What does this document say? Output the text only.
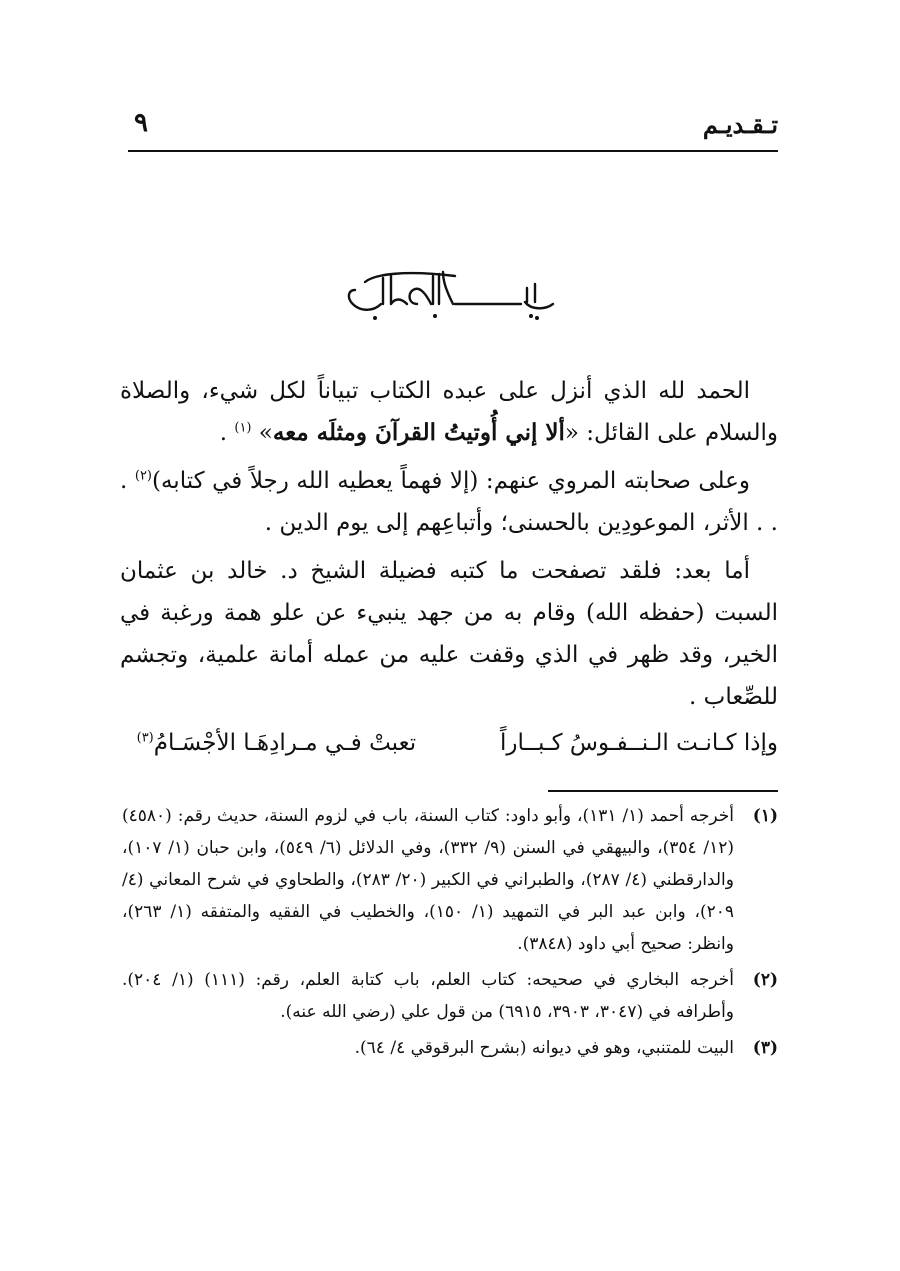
تـقـديـم
٩

الحمد لله الذي أنزل على عبده الكتاب تبياناً لكل شيء، والصلاة والسلام على القائل: «ألا إني أُوتيتُ القرآنَ ومثلَه معه» $^{(١)}$ .

وعلى صحابته المروي عنهم: (إلا فهماً يعطيه الله رجلاً في كتابه)$^{(٢)}$ . . . الأثر، الموعودِين بالحسنى؛ وأتباعِهم إلى يوم الدين .

أما بعد: فلقد تصفحت ما كتبه فضيلة الشيخ د. خالد بن عثمان السبت (حفظه الله) وقام به من جهد ينبيء عن علو همة ورغبة في الخير، وقد ظهر في الذي وقفت عليه من عمله أمانة علمية، وتجشم للصِّعاب .

وإذا كـانـت الـنــفـوسُ كـبــاراً
تعبتْ فـي مـرادِهَـا الأجْسَـامُ$^{(٣)}$
(١)
أخرجه أحمد (١/ ١٣١)، وأبو داود: كتاب السنة، باب في لزوم السنة، حديث رقم: (٤٥٨٠) (١٢/ ٣٥٤)، والبيهقي في السنن (٩/ ٣٣٢)، وفي الدلائل (٦/ ٥٤٩)، وابن حبان (١/ ١٠٧)، والدارقطني (٤/ ٢٨٧)، والطبراني في الكبير (٢٠/ ٢٨٣)، والطحاوي في شرح المعاني (٤/ ٢٠٩)، وابن عبد البر في التمهيد (١/ ١٥٠)، والخطيب في الفقيه والمتفقه (١/ ٢٦٣)، وانظر: صحيح أبي داود (٣٨٤٨).
(٢)
أخرجه البخاري في صحيحه: كتاب العلم، باب كتابة العلم، رقم: (١١١) (١/ ٢٠٤). وأطرافه في (٣٠٤٧، ٣٩٠٣، ٦٩١٥) من قول علي (رضي الله عنه).
(٣)
البيت للمتنبي، وهو في ديوانه (بشرح البرقوقي ٤/ ٦٤).
